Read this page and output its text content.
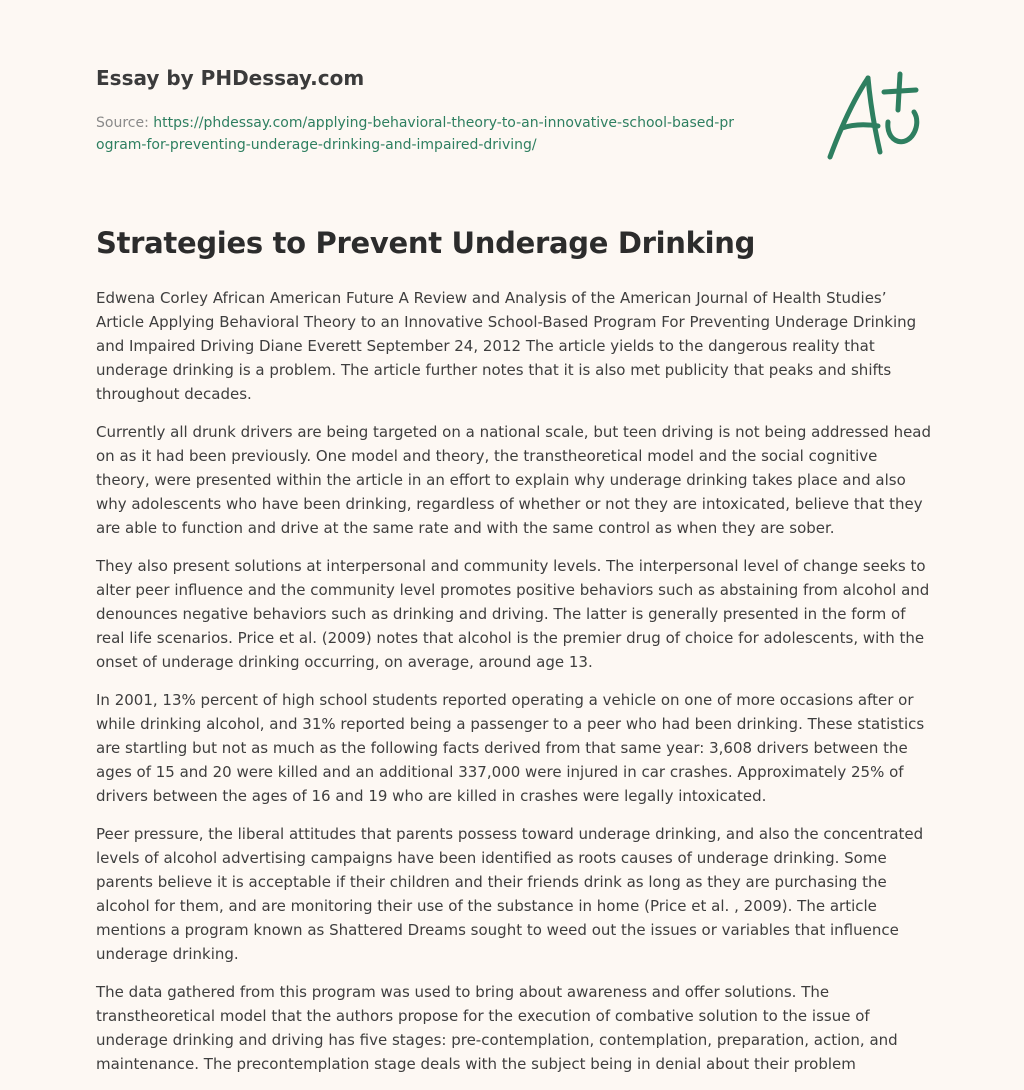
Essay by PHDessay.com
Source: https://phdessay.com/applying-behavioral-theory-to-an-innovative-school-based-program-for-preventing-underage-drinking-and-impaired-driving/
Strategies to Prevent Underage Drinking

Edwena Corley African American Future A Review and Analysis of the American Journal of Health Studies’ Article Applying Behavioral Theory to an Innovative School-Based Program For Preventing Underage Drinking and Impaired Driving Diane Everett September 24, 2012 The article yields to the dangerous reality that underage drinking is a problem. The article further notes that it is also met publicity that peaks and shifts throughout decades.

Currently all drunk drivers are being targeted on a national scale, but teen driving is not being addressed head on as it had been previously. One model and theory, the transtheoretical model and the social cognitive theory, were presented within the article in an effort to explain why underage drinking takes place and also why adolescents who have been drinking, regardless of whether or not they are intoxicated, believe that they are able to function and drive at the same rate and with the same control as when they are sober.

They also present solutions at interpersonal and community levels. The interpersonal level of change seeks to alter peer influence and the community level promotes positive behaviors such as abstaining from alcohol and denounces negative behaviors such as drinking and driving. The latter is generally presented in the form of real life scenarios. Price et al. (2009) notes that alcohol is the premier drug of choice for adolescents, with the onset of underage drinking occurring, on average, around age 13.

In 2001, 13% percent of high school students reported operating a vehicle on one of more occasions after or while drinking alcohol, and 31% reported being a passenger to a peer who had been drinking. These statistics are startling but not as much as the following facts derived from that same year: 3,608 drivers between the ages of 15 and 20 were killed and an additional 337,000 were injured in car crashes. Approximately 25% of drivers between the ages of 16 and 19 who are killed in crashes were legally intoxicated.

Peer pressure, the liberal attitudes that parents possess toward underage drinking, and also the concentrated levels of alcohol advertising campaigns have been identified as roots causes of underage drinking. Some parents believe it is acceptable if their children and their friends drink as long as they are purchasing the alcohol for them, and are monitoring their use of the substance in home (Price et al. , 2009). The article mentions a program known as Shattered Dreams sought to weed out the issues or variables that influence underage drinking.

The data gathered from this program was used to bring about awareness and offer solutions. The transtheoretical model that the authors propose for the execution of combative solution to the issue of underage drinking and driving has five stages: pre-contemplation, contemplation, preparation, action, and maintenance. The precontemplation stage deals with the subject being in denial about their problem
